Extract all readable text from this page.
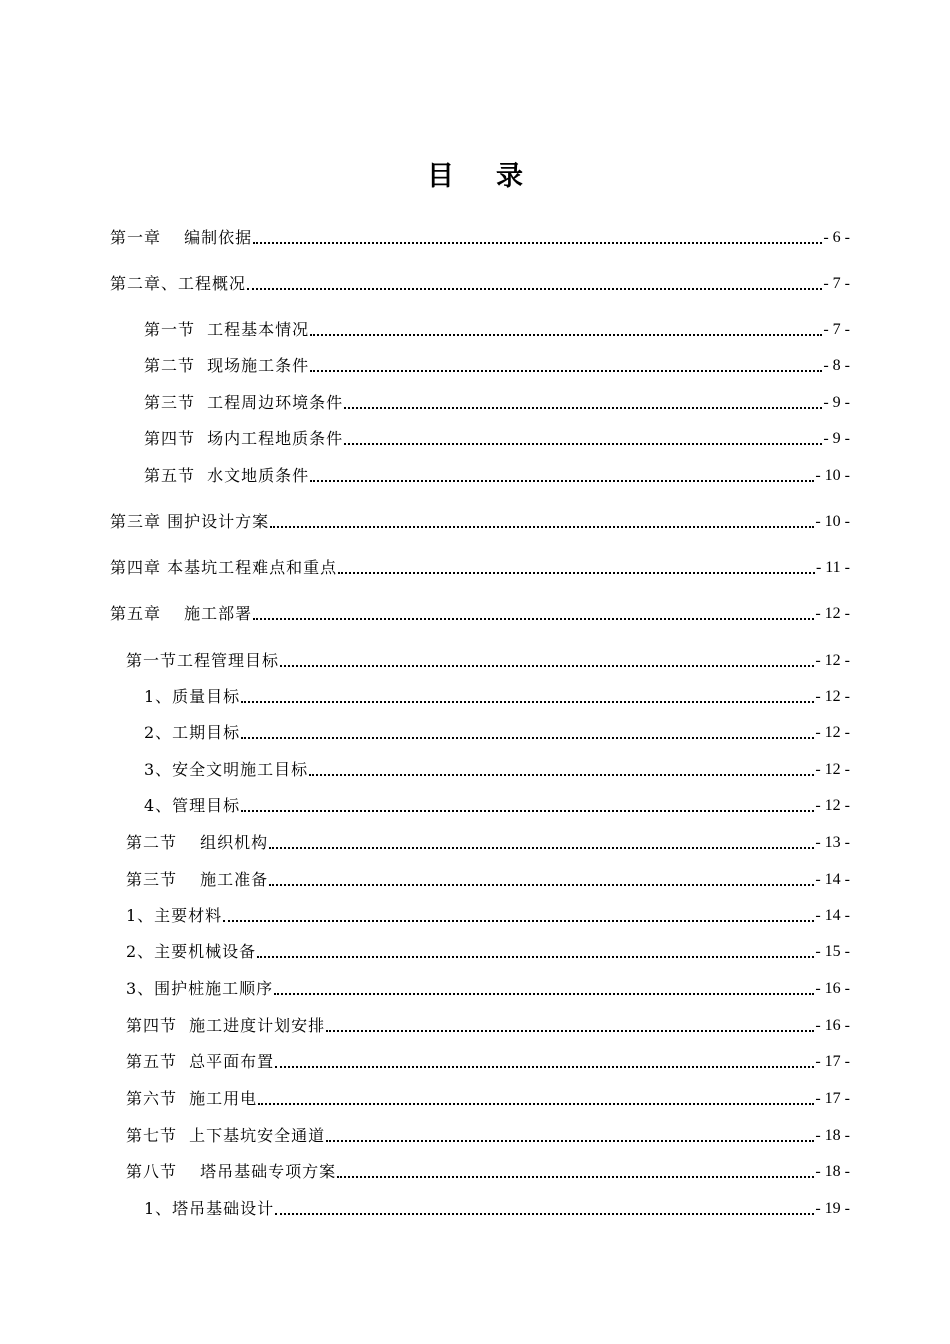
目录
第一章　 编制依据	- 6 -
第二章、工程概况	- 7 -
第一节  工程基本情况	- 7 -
第二节  现场施工条件	- 8 -
第三节  工程周边环境条件	- 9 -
第四节  场内工程地质条件	- 9 -
第五节  水文地质条件	- 10 -
第三章 围护设计方案	- 10 -
第四章 本基坑工程难点和重点	- 11 -
第五章　 施工部署	- 12 -
第一节工程管理目标	- 12 -
1、质量目标	- 12 -
2、工期目标	- 12 -
3、安全文明施工目标	- 12 -
4、管理目标	- 12 -
第二节　 组织机构	- 13 -
第三节　 施工准备	- 14 -
1、主要材料	- 14 -
2、主要机械设备	- 15 -
3、围护桩施工顺序	- 16 -
第四节  施工进度计划安排	- 16 -
第五节  总平面布置	- 17 -
第六节  施工用电	- 17 -
第七节  上下基坑安全通道	- 18 -
第八节　 塔吊基础专项方案	- 18 -
1、塔吊基础设计	- 19 -
